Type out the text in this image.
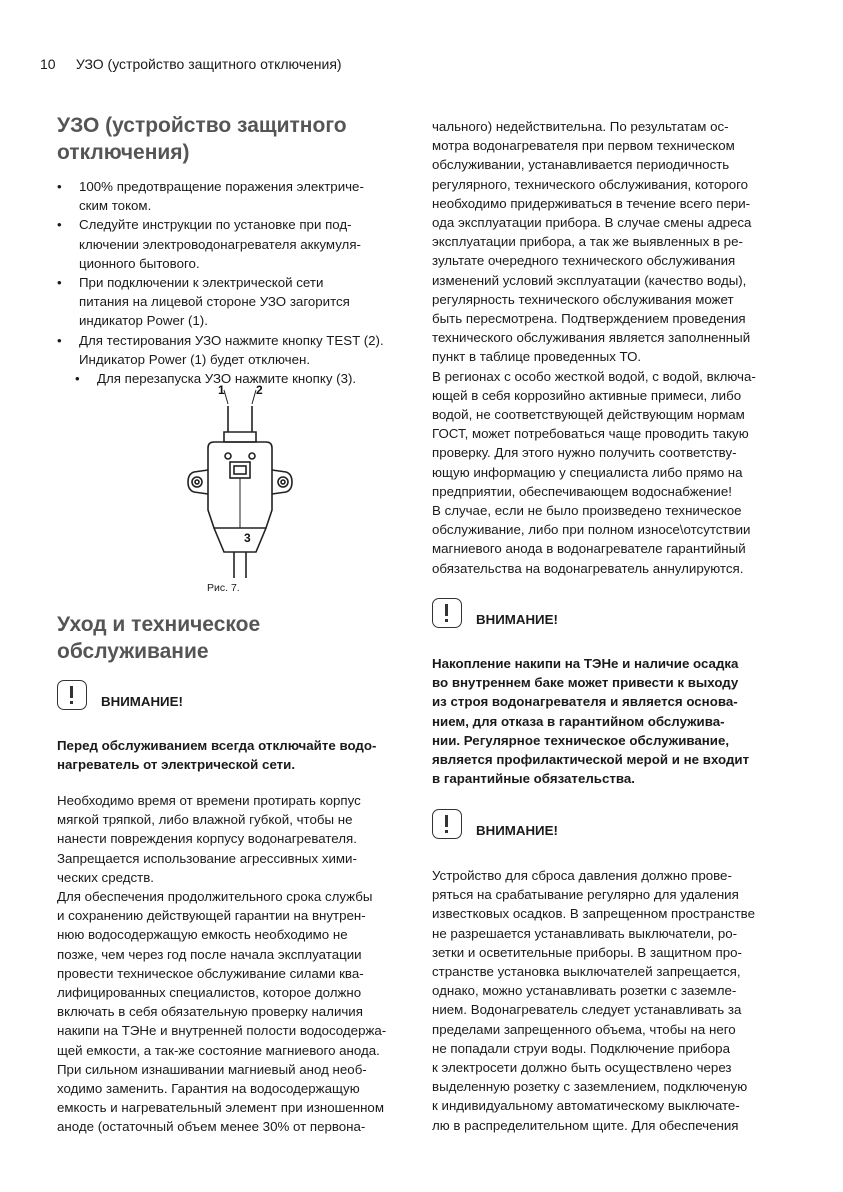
10 УЗО (устройство защитного отключения)
УЗО (устройство защитного
отключения)
• 100% предотвращение поражения электриче-
ским током.
• Следуйте инструкции по установке при под-
ключении электроводонагревателя аккумуля-
ционного бытового.
• При подключении к электрической сети
питания на лицевой стороне УЗО загорится
индикатор Power (1).
• Для тестирования УЗО нажмите кнопку TEST (2).
Индикатор Power (1) будет отключен.
• Для перезапуска УЗО нажмите кнопку (3).
1	2
3
Рис. 7.
Уход и техническое
обслуживание
ВНИМАНИЕ!

Перед обслуживанием всегда отключайте водо-

нагреватель от электрической сети.

Необходимо время от времени протирать корпус

мягкой тряпкой, либо влажной губкой, чтобы не

нанести повреждения корпусу водонагревателя.

Запрещается использование агрессивных хими-

ческих средств.

Для обеспечения продолжительного срока службы

и сохранению действующей гарантии на внутрен-

нюю водосодержащую емкость необходимо не

позже, чем через год после начала эксплуатации

провести техническое обслуживание силами ква-

лифицированных специалистов, которое должно

включать в себя обязательную проверку наличия

накипи на ТЭНе и внутренней полости водосодержа-

щей емкости, а так-же состояние магниевого анода.

При сильном изнашивании магниевый анод необ-

ходимо заменить. Гарантия на водосодержащую

емкость и нагревательный элемент при изношенном

аноде (остаточный объем менее 30% от первона-

чального) недействительна. По результатам ос-

мотра водонагревателя при первом техническом

обслуживании, устанавливается периодичность

регулярного, технического обслуживания, которого

необходимо придерживаться в течение всего пери-

ода эксплуатации прибора. В случае смены адреса

эксплуатации прибора, а так же выявленных в ре-

зультате очередного технического обслуживания

изменений условий эксплуатации (качество воды),

регулярность технического обслуживания может

быть пересмотрена. Подтверждением проведения

технического обслуживания является заполненный

пункт в таблице проведенных ТО.

В регионах с особо жесткой водой, с водой, включа-

ющей в себя коррозийно активные примеси, либо

водой, не соответствующей действующим нормам

ГОСТ, может потребоваться чаще проводить такую

проверку. Для этого нужно получить соответству-

ющую информацию у специалиста либо прямо на

предприятии, обеспечивающем водоснабжение!

В случае, если не было произведено техническое

обслуживание, либо при полном износе\отсутствии

магниевого анода в водонагревателе гарантийный

обязательства на водонагреватель аннулируются.

ВНИМАНИЕ!

Накопление накипи на ТЭНе и наличие осадка

во внутреннем баке может привести к выходу

из строя водонагревателя и является основа-

нием, для отказа в гарантийном обслужива-

нии. Регулярное техническое обслуживание,

является профилактической мерой и не входит

в гарантийные обязательства.

ВНИМАНИЕ!

Устройство для сброса давления должно прове-

ряться на срабатывание регулярно для удаления

известковых осадков. В запрещенном пространстве

не разрешается устанавливать выключатели, ро-

зетки и осветительные приборы. В защитном про-

странстве установка выключателей запрещается,

однако, можно устанавливать розетки с заземле-

нием. Водонагреватель следует устанавливать за

пределами запрещенного объема, чтобы на него

не попадали струи воды. Подключение прибора

к электросети должно быть осуществлено через

выделенную розетку с заземлением, подключеную

к индивидуальному автоматическому выключате-

лю в распределительном щите. Для обеспечения
